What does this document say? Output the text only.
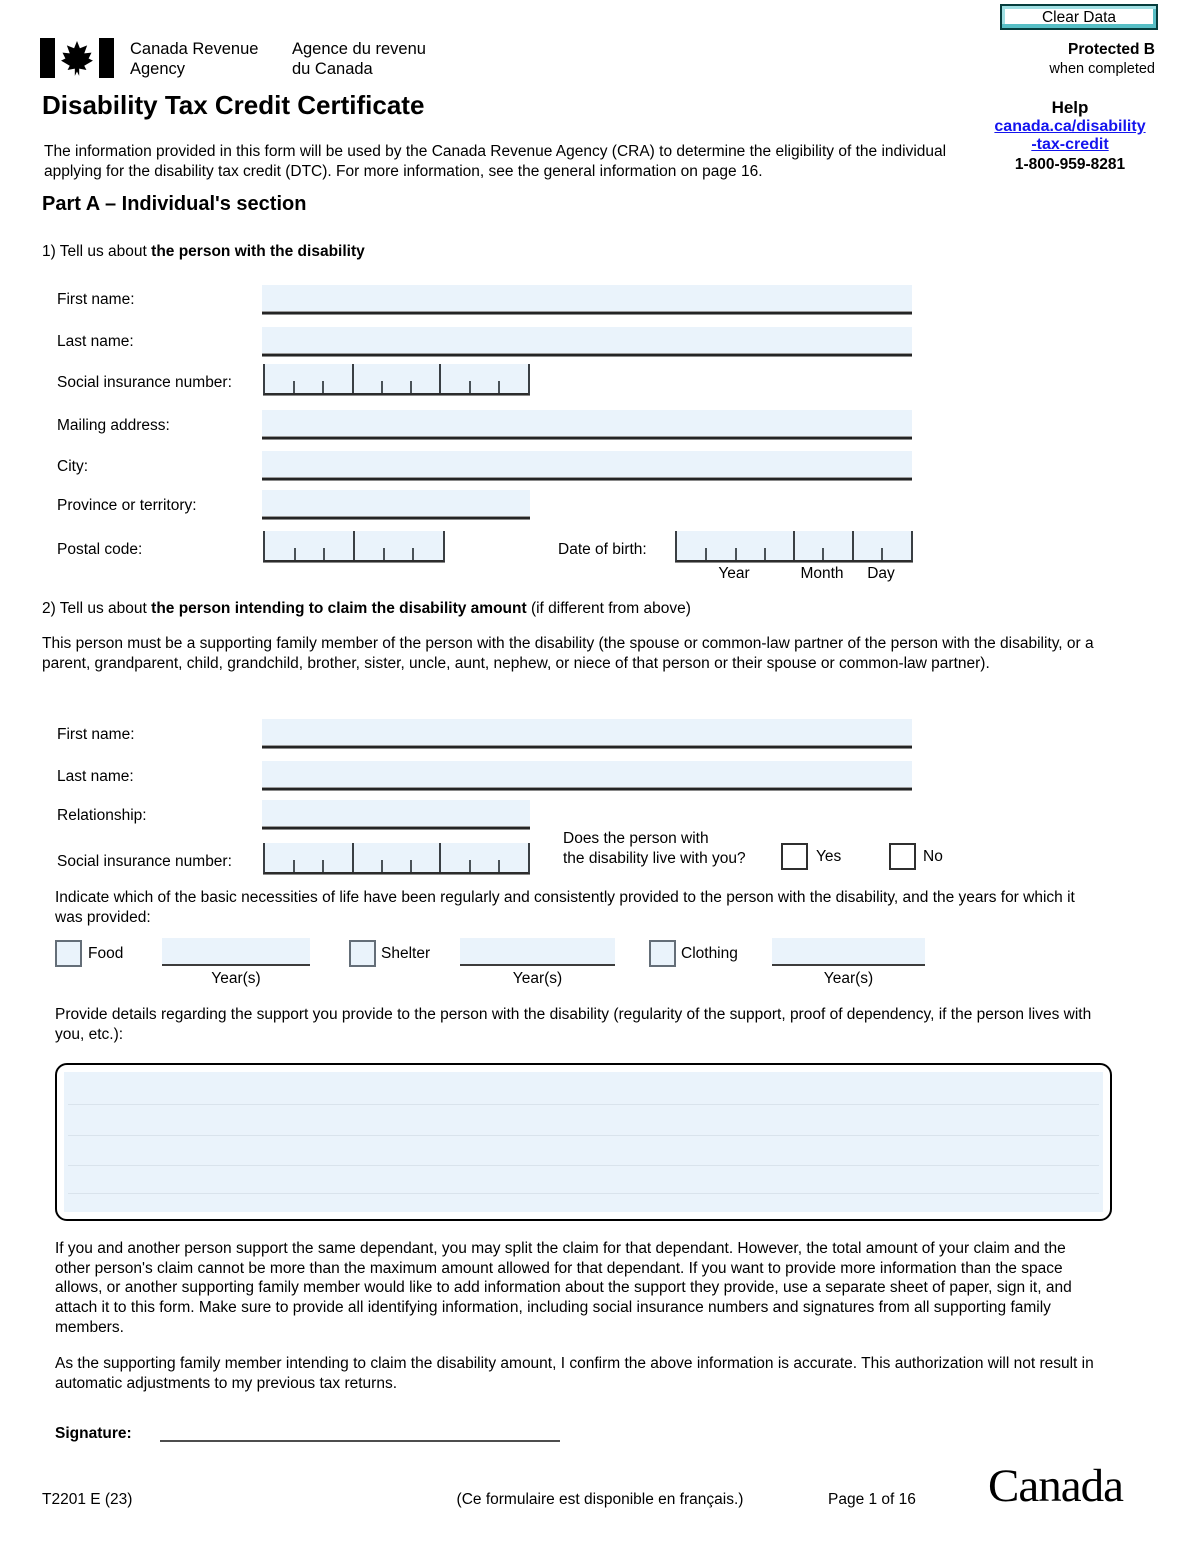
Clear Data
Protected B
when completed
Canada Revenue
Agency
Agence du revenu
du Canada
Disability Tax Credit Certificate	Help
canada.ca/disability
-tax-credit
1-800-959-8281
The information provided in this form will be used by the Canada Revenue Agency (CRA) to determine the eligibility of the individual applying for the disability tax credit (DTC). For more information, see the general information on page 16.
Part A – Individual's section
1) Tell us about the person with the disability
First name:
Last name:
Social insurance number:
Mailing address:
City:
Province or territory:
Postal code:	Date of birth:
Year	Month	Day
2) Tell us about the person intending to claim the disability amount (if different from above)
This person must be a supporting family member of the person with the disability (the spouse or common-law partner of the person with the disability, or a parent, grandparent, child, grandchild, brother, sister, uncle, aunt, nephew, or niece of that person or their spouse or common-law partner).
First name:
Last name:
Relationship:
Social insurance number:
Does the person with
the disability live with you?	Yes	No
Indicate which of the basic necessities of life have been regularly and consistently provided to the person with the disability, and the years for which it was provided:
Food
Year(s)
Shelter
Year(s)
Clothing
Year(s)
Provide details regarding the support you provide to the person with the disability (regularity of the support, proof of dependency, if the person lives with you, etc.):
If you and another person support the same dependant, you may split the claim for that dependant. However, the total amount of your claim and the other person's claim cannot be more than the maximum amount allowed for that dependant. If you want to provide more information than the space allows, or another supporting family member would like to add information about the support they provide, use a separate sheet of paper, sign it, and attach it to this form. Make sure to provide all identifying information, including social insurance numbers and signatures from all supporting family members.
As the supporting family member intending to claim the disability amount, I confirm the above information is accurate. This authorization will not result in automatic adjustments to my previous tax returns.
Signature:
T2201 E (23)	(Ce formulaire est disponible en français.)	Page 1 of 16 Canada
